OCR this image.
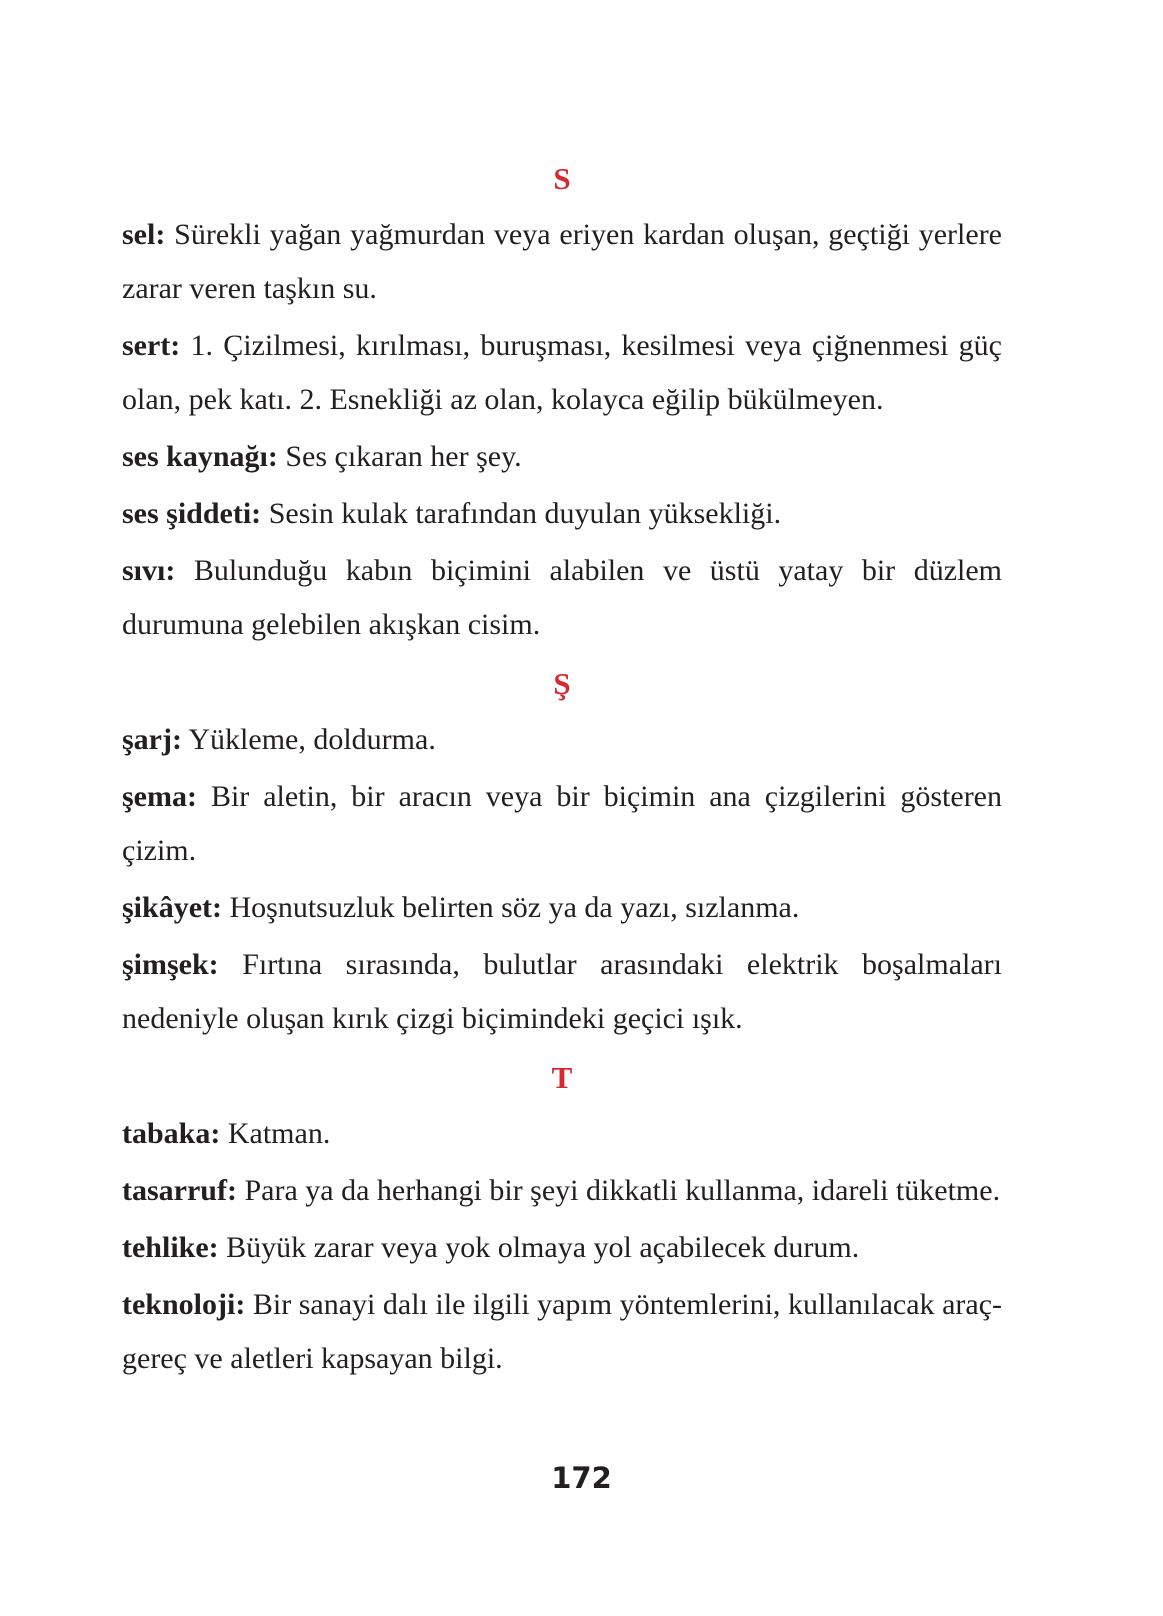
S

sel: Sürekli yağan yağmurdan veya eriyen kardan oluşan, geçtiği yerlere zarar veren taşkın su.

sert: 1. Çizilmesi, kırılması, buruşması, kesilmesi veya çiğnenmesi güç olan, pek katı. 2. Esnekliği az olan, kolayca eğilip bükülmeyen.

ses kaynağı: Ses çıkaran her şey.

ses şiddeti: Sesin kulak tarafından duyulan yüksekliği.

sıvı: Bulunduğu kabın biçimini alabilen ve üstü yatay bir düzlem durumuna gelebilen akışkan cisim.

Ş

şarj: Yükleme, doldurma.

şema: Bir aletin, bir aracın veya bir biçimin ana çizgilerini gösteren çizim.

şikâyet: Hoşnutsuzluk belirten söz ya da yazı, sızlanma.

şimşek: Fırtına sırasında, bulutlar arasındaki elektrik boşalmaları nedeniyle oluşan kırık çizgi biçimindeki geçici ışık.

T

tabaka: Katman.

tasarruf: Para ya da herhangi bir şeyi dikkatli kullanma, idareli tüketme.

tehlike: Büyük zarar veya yok olmaya yol açabilecek durum.

teknoloji: Bir sanayi dalı ile ilgili yapım yöntemlerini, kullanılacak araç-gereç ve aletleri kapsayan bilgi.

172
